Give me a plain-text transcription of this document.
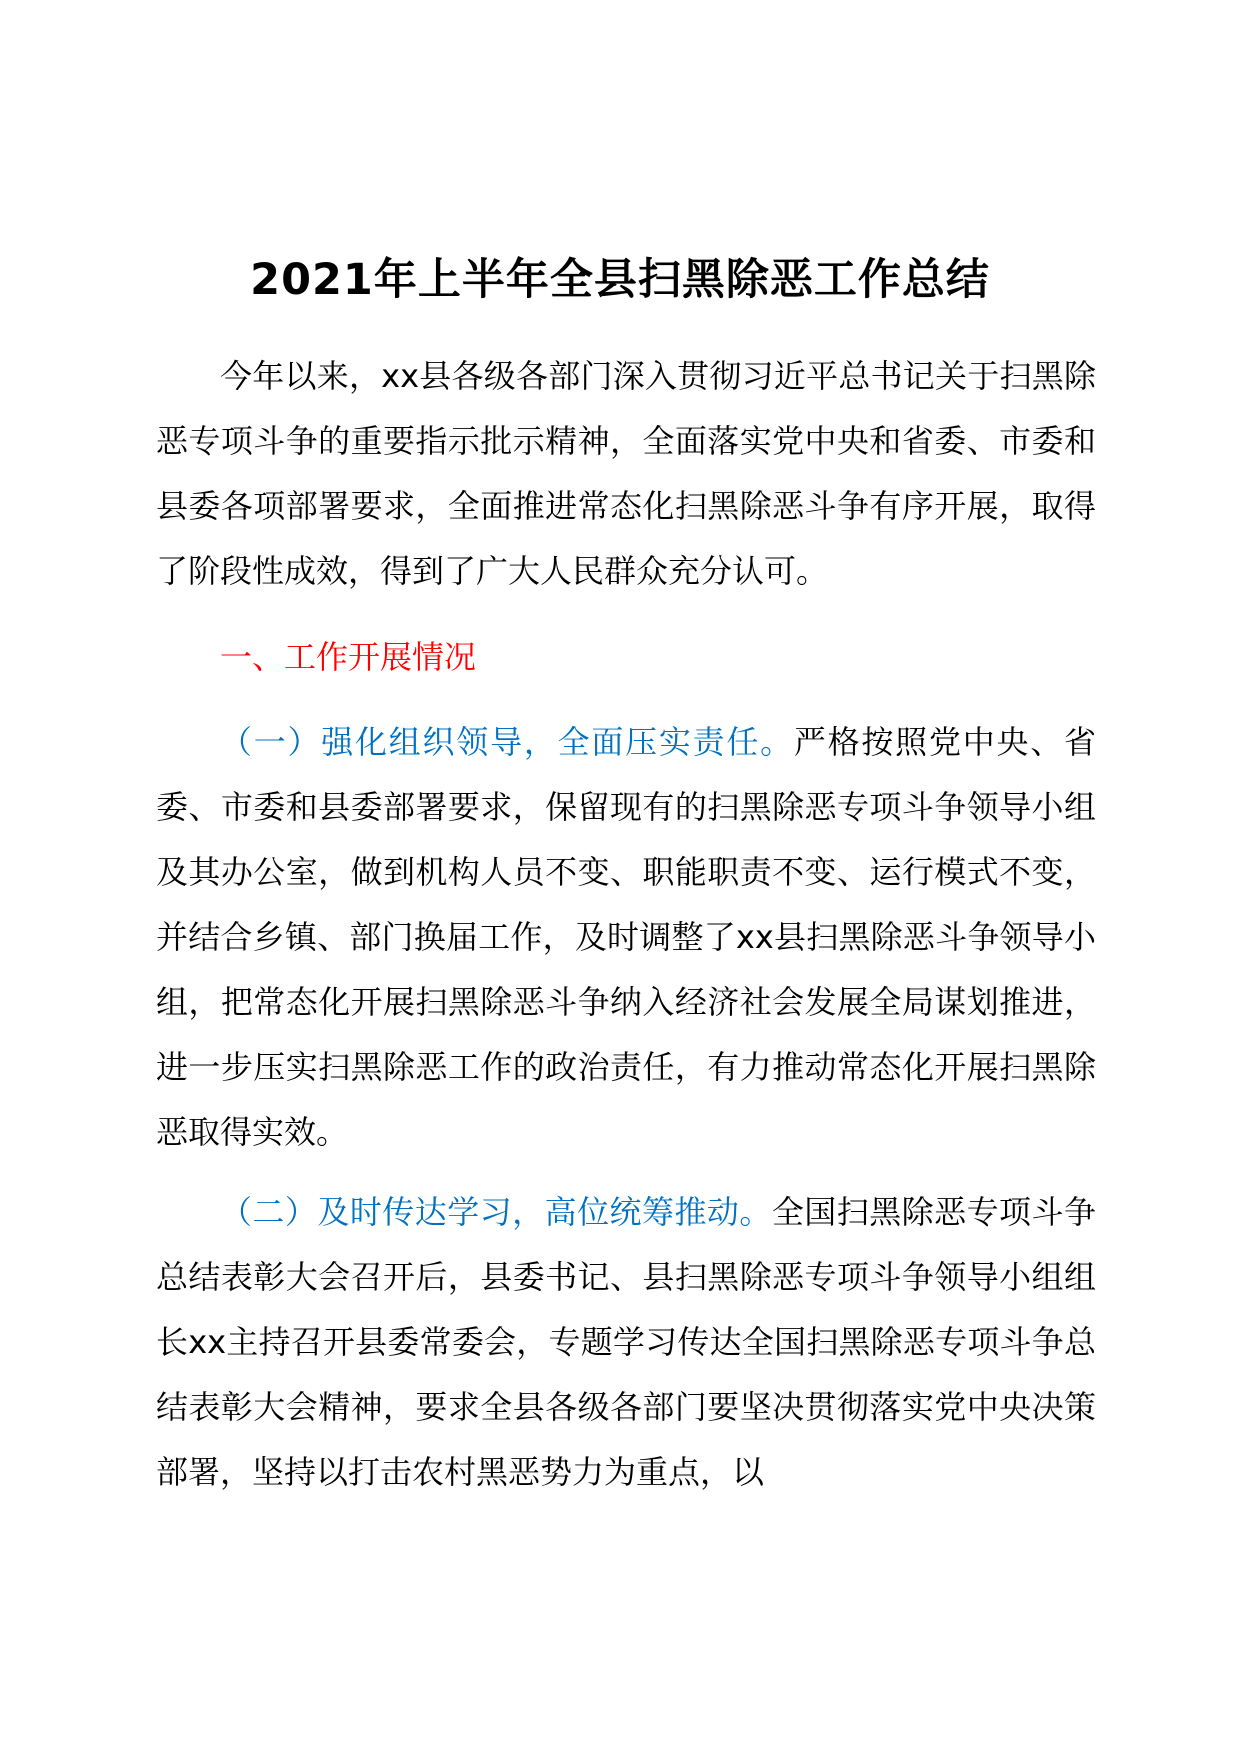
2021年上半年全县扫黑除恶工作总结

今年以来，xx县各级各部门深入贯彻习近平总书记关于扫黑除恶专项斗争的重要指示批示精神，全面落实党中央和省委、市委和县委各项部署要求，全面推进常态化扫黑除恶斗争有序开展，取得了阶段性成效，得到了广大人民群众充分认可。

一、工作开展情况

（一）强化组织领导，全面压实责任。严格按照党中央、省委、市委和县委部署要求，保留现有的扫黑除恶专项斗争领导小组及其办公室，做到机构人员不变、职能职责不变、运行模式不变，并结合乡镇、部门换届工作，及时调整了xx县扫黑除恶斗争领导小组，把常态化开展扫黑除恶斗争纳入经济社会发展全局谋划推进，进一步压实扫黑除恶工作的政治责任，有力推动常态化开展扫黑除恶取得实效。

（二）及时传达学习，高位统筹推动。全国扫黑除恶专项斗争总结表彰大会召开后，县委书记、县扫黑除恶专项斗争领导小组组长xx主持召开县委常委会，专题学习传达全国扫黑除恶专项斗争总结表彰大会精神，要求全县各级各部门要坚决贯彻落实党中央决策部署，坚持以打击农村黑恶势力为重点，以
